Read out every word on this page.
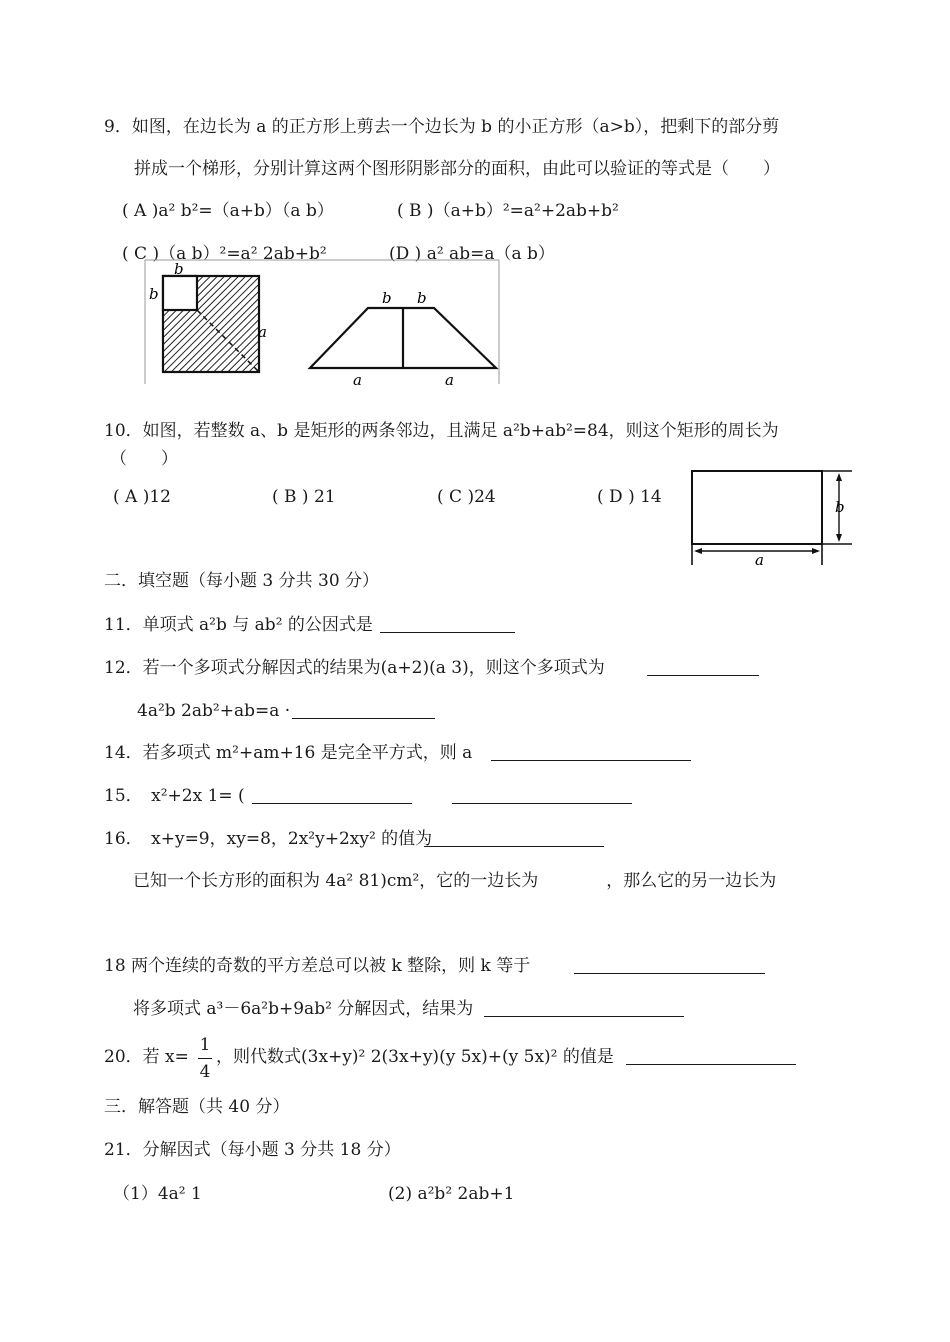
9．如图，在边长为 a 的正方形上剪去一个边长为 b 的小正方形（a>b），把剩下的部分剪
拼成一个梯形，分别计算这两个图形阴影部分的面积，由此可以验证的等式是（　　）
( A )a² b²=（a+b）（a b）	( B )（a+b）²=a²+2ab+b²
( C )（a b）²=a² 2ab+b²	(D ) a² ab=a（a b）
b
b
a
b b
a	a
10．如图，若整数 a、b 是矩形的两条邻边，且满足 a²b+ab²=84，则这个矩形的周长为
（　　）
( A )12	( B ) 21	( C )24	( D ) 14
a
b
二．填空题（每小题 3 分共 30 分）
11．单项式 a²b 与 ab² 的公因式是
12．若一个多项式分解因式的结果为(a+2)(a 3)，则这个多项式为
4a²b 2ab²+ab=a ·
14．若多项式 m²+am+16 是完全平方式，则 a
15．　x²+2x 1= (
16．　x+y=9，xy=8，2x²y+2xy² 的值为
已知一个长方形的面积为 4a² 81)cm²，它的一边长为　　　　，那么它的另一边长为
18 两个连续的奇数的平方差总可以被 k 整除，则 k 等于
将多项式 a³－6a²b+9ab² 分解因式，结果为
20．若 x=
1
4
，则代数式(3x+y)² 2(3x+y)(y 5x)+(y 5x)² 的值是
三．解答题（共 40 分）
21．分解因式（每小题 3 分共 18 分）
（1）4a² 1	(2) a²b² 2ab+1
